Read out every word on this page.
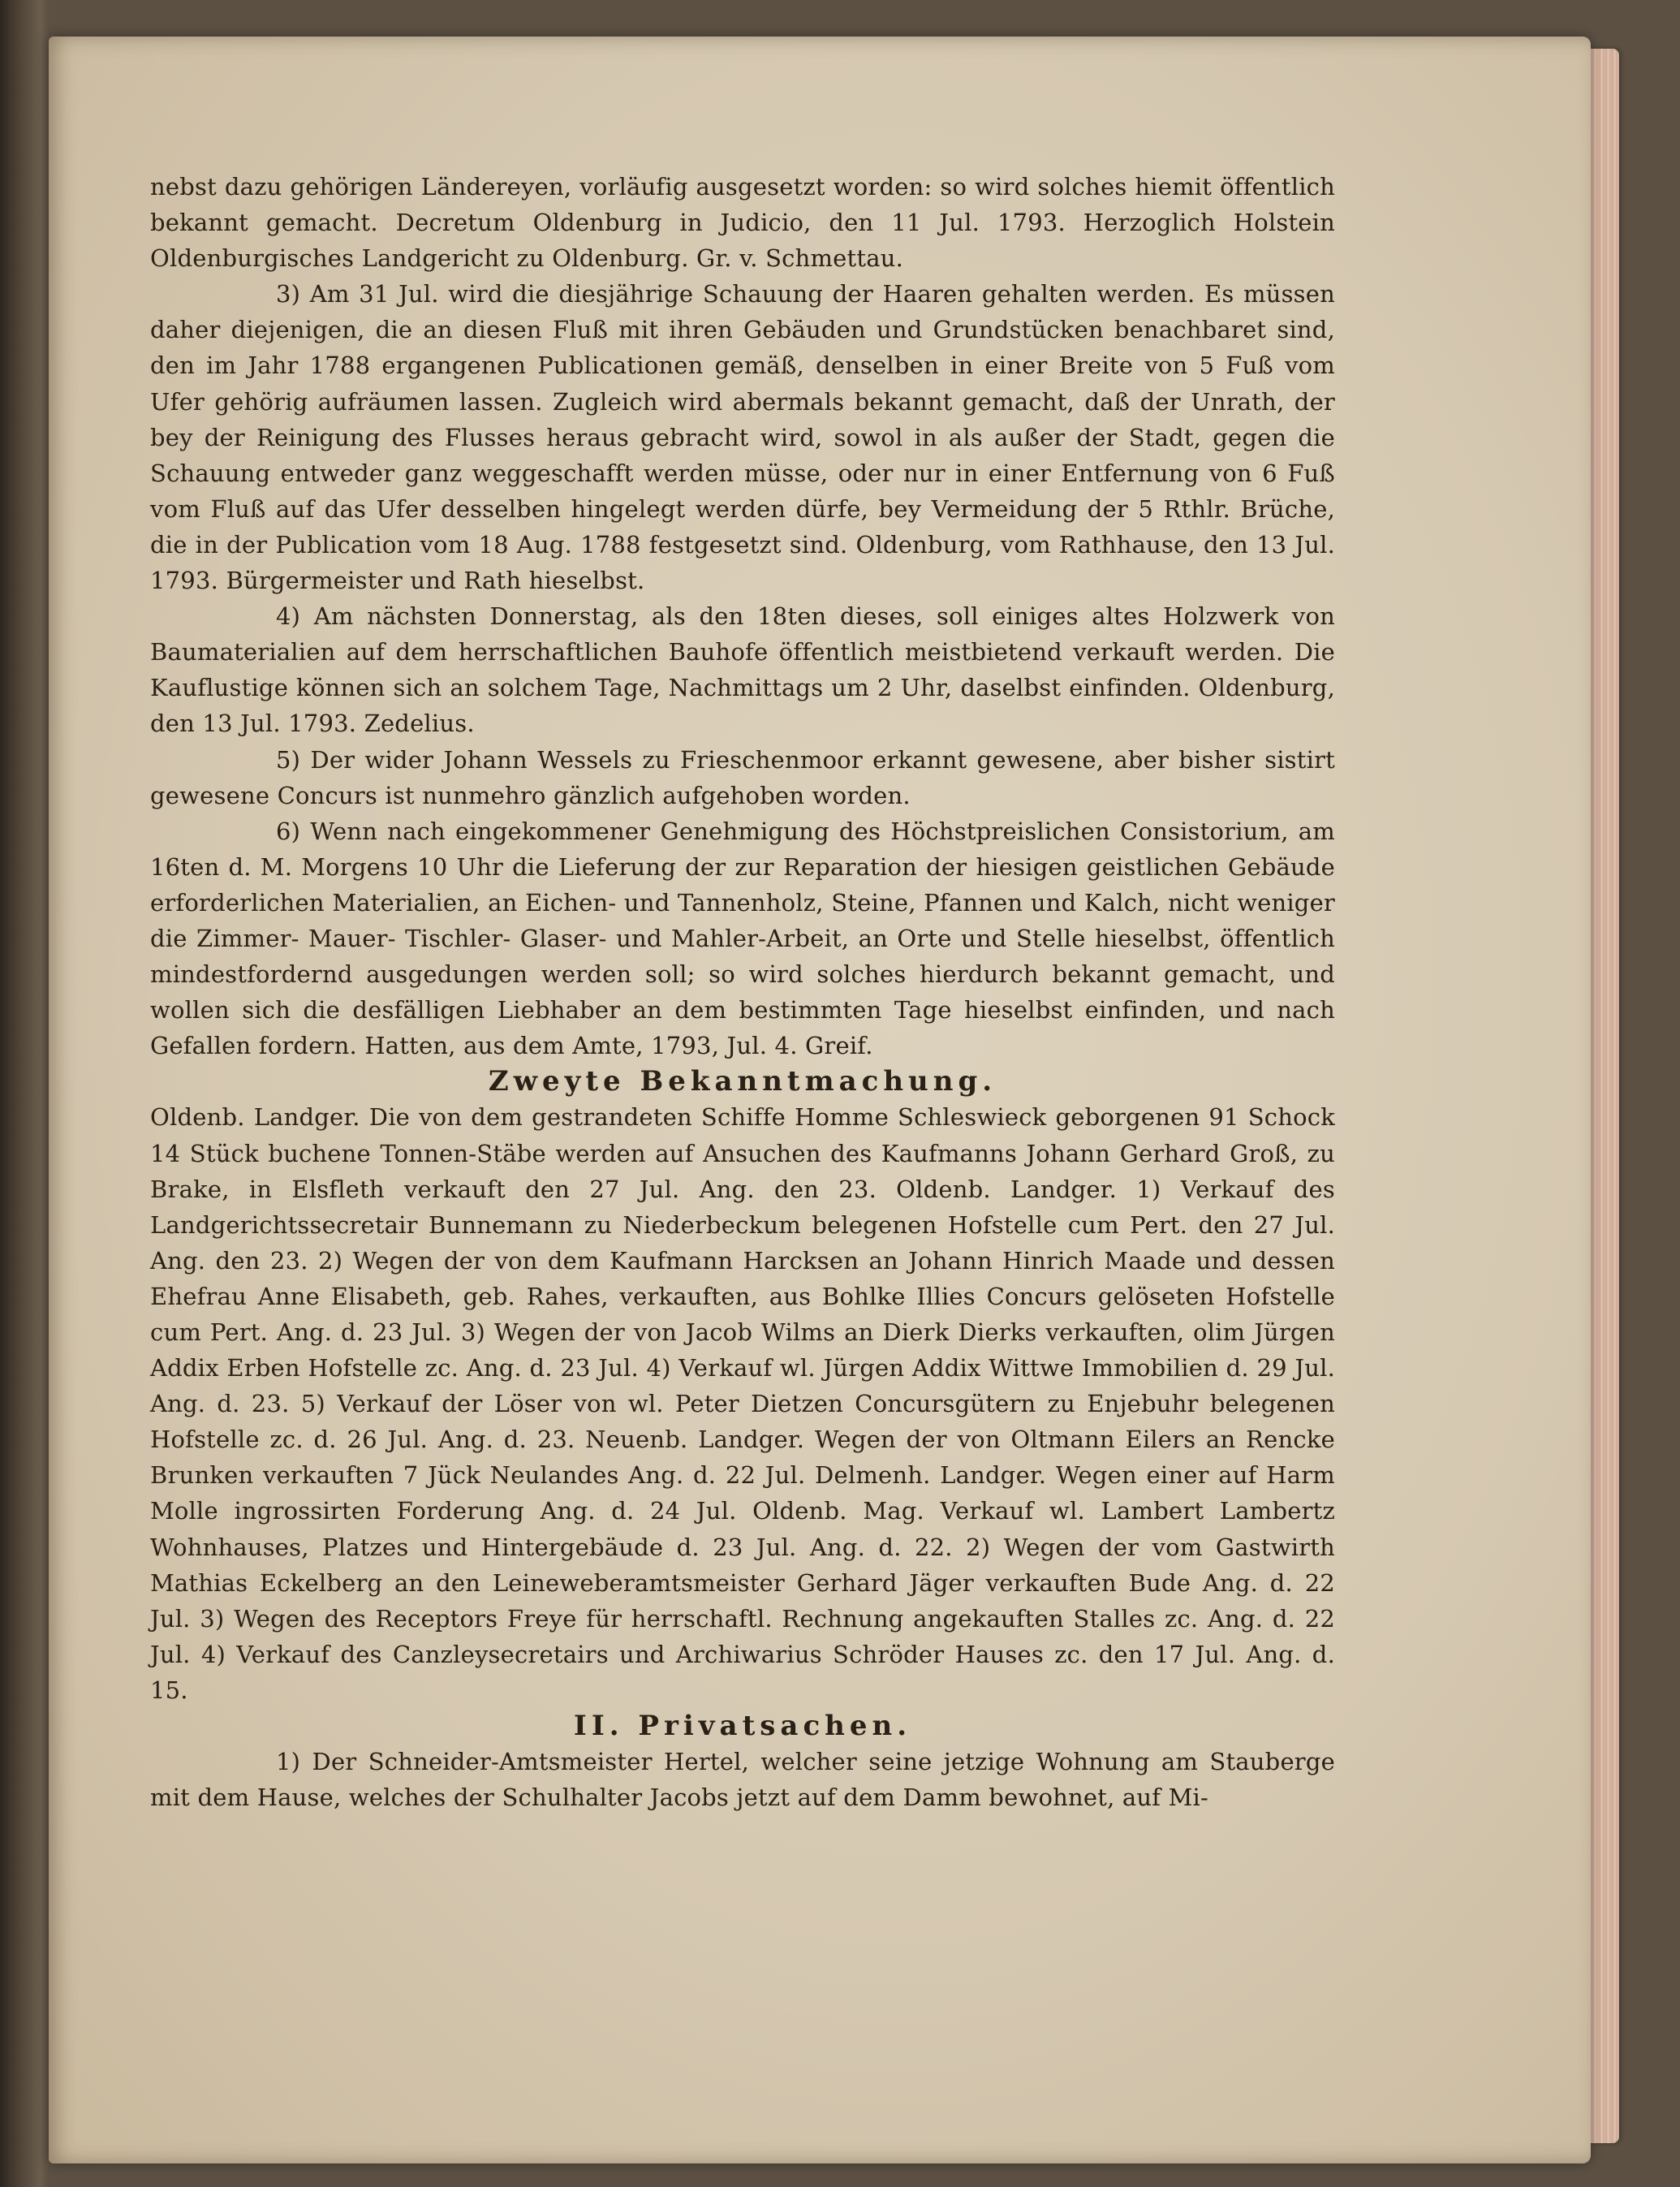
nebst dazu gehörigen Ländereyen, vorläufig ausgesetzt worden: so wird solches hiemit öffentlich bekannt gemacht. Decretum Oldenburg in Judicio, den 11 Jul. 1793. Herzoglich Holstein Oldenburgisches Landgericht zu Oldenburg. Gr. v. Schmettau.

3) Am 31 Jul. wird die diesjährige Schauung der Haaren gehalten werden. Es müssen daher diejenigen, die an diesen Fluß mit ihren Gebäuden und Grundstücken benachbaret sind, den im Jahr 1788 ergangenen Publicationen gemäß, denselben in einer Breite von 5 Fuß vom Ufer gehörig aufräumen lassen. Zugleich wird abermals bekannt gemacht, daß der Unrath, der bey der Reinigung des Flusses heraus gebracht wird, sowol in als außer der Stadt, gegen die Schauung entweder ganz weggeschafft werden müsse, oder nur in einer Entfernung von 6 Fuß vom Fluß auf das Ufer desselben hingelegt werden dürfe, bey Vermeidung der 5 Rthlr. Brüche, die in der Publication vom 18 Aug. 1788 festgesetzt sind. Oldenburg, vom Rathhause, den 13 Jul. 1793. Bürgermeister und Rath hieselbst.

4) Am nächsten Donnerstag, als den 18ten dieses, soll einiges altes Holzwerk von Baumaterialien auf dem herrschaftlichen Bauhofe öffentlich meistbietend verkauft werden. Die Kauflustige können sich an solchem Tage, Nachmittags um 2 Uhr, daselbst einfinden. Oldenburg, den 13 Jul. 1793. Zedelius.

5) Der wider Johann Wessels zu Frieschenmoor erkannt gewesene, aber bisher sistirt gewesene Concurs ist nunmehro gänzlich aufgehoben worden.

6) Wenn nach eingekommener Genehmigung des Höchstpreislichen Consistorium, am 16ten d. M. Morgens 10 Uhr die Lieferung der zur Reparation der hiesigen geistlichen Gebäude erforderlichen Materialien, an Eichen- und Tannenholz, Steine, Pfannen und Kalch, nicht weniger die Zimmer- Mauer- Tischler- Glaser- und Mahler-Arbeit, an Orte und Stelle hieselbst, öffentlich mindestfordernd ausgedungen werden soll; so wird solches hierdurch bekannt gemacht, und wollen sich die desfälligen Liebhaber an dem bestimmten Tage hieselbst einfinden, und nach Gefallen fordern. Hatten, aus dem Amte, 1793, Jul. 4. Greif.

Zweyte Bekanntmachung.

Oldenb. Landger. Die von dem gestrandeten Schiffe Homme Schleswieck geborgenen 91 Schock 14 Stück buchene Tonnen-Stäbe werden auf Ansuchen des Kaufmanns Johann Gerhard Groß, zu Brake, in Elsfleth verkauft den 27 Jul. Ang. den 23. Oldenb. Landger. 1) Verkauf des Landgerichtssecretair Bunnemann zu Niederbeckum belegenen Hofstelle cum Pert. den 27 Jul. Ang. den 23. 2) Wegen der von dem Kaufmann Harcksen an Johann Hinrich Maade und dessen Ehefrau Anne Elisabeth, geb. Rahes, verkauften, aus Bohlke Illies Concurs gelöseten Hofstelle cum Pert. Ang. d. 23 Jul. 3) Wegen der von Jacob Wilms an Dierk Dierks verkauften, olim Jürgen Addix Erben Hofstelle zc. Ang. d. 23 Jul. 4) Verkauf wl. Jürgen Addix Wittwe Immobilien d. 29 Jul. Ang. d. 23. 5) Verkauf der Löser von wl. Peter Dietzen Concursgütern zu Enjebuhr belegenen Hofstelle zc. d. 26 Jul. Ang. d. 23. Neuenb. Landger. Wegen der von Oltmann Eilers an Rencke Brunken verkauften 7 Jück Neulandes Ang. d. 22 Jul. Delmenh. Landger. Wegen einer auf Harm Molle ingrossirten Forderung Ang. d. 24 Jul. Oldenb. Mag. Verkauf wl. Lambert Lambertz Wohnhauses, Platzes und Hintergebäude d. 23 Jul. Ang. d. 22. 2) Wegen der vom Gastwirth Mathias Eckelberg an den Leineweberamtsmeister Gerhard Jäger verkauften Bude Ang. d. 22 Jul. 3) Wegen des Receptors Freye für herrschaftl. Rechnung angekauften Stalles zc. Ang. d. 22 Jul. 4) Verkauf des Canzleysecretairs und Archiwarius Schröder Hauses zc. den 17 Jul. Ang. d. 15.

II. Privatsachen.

1) Der Schneider-Amtsmeister Hertel, welcher seine jetzige Wohnung am Stauberge mit dem Hause, welches der Schulhalter Jacobs jetzt auf dem Damm bewohnet, auf Mi-
